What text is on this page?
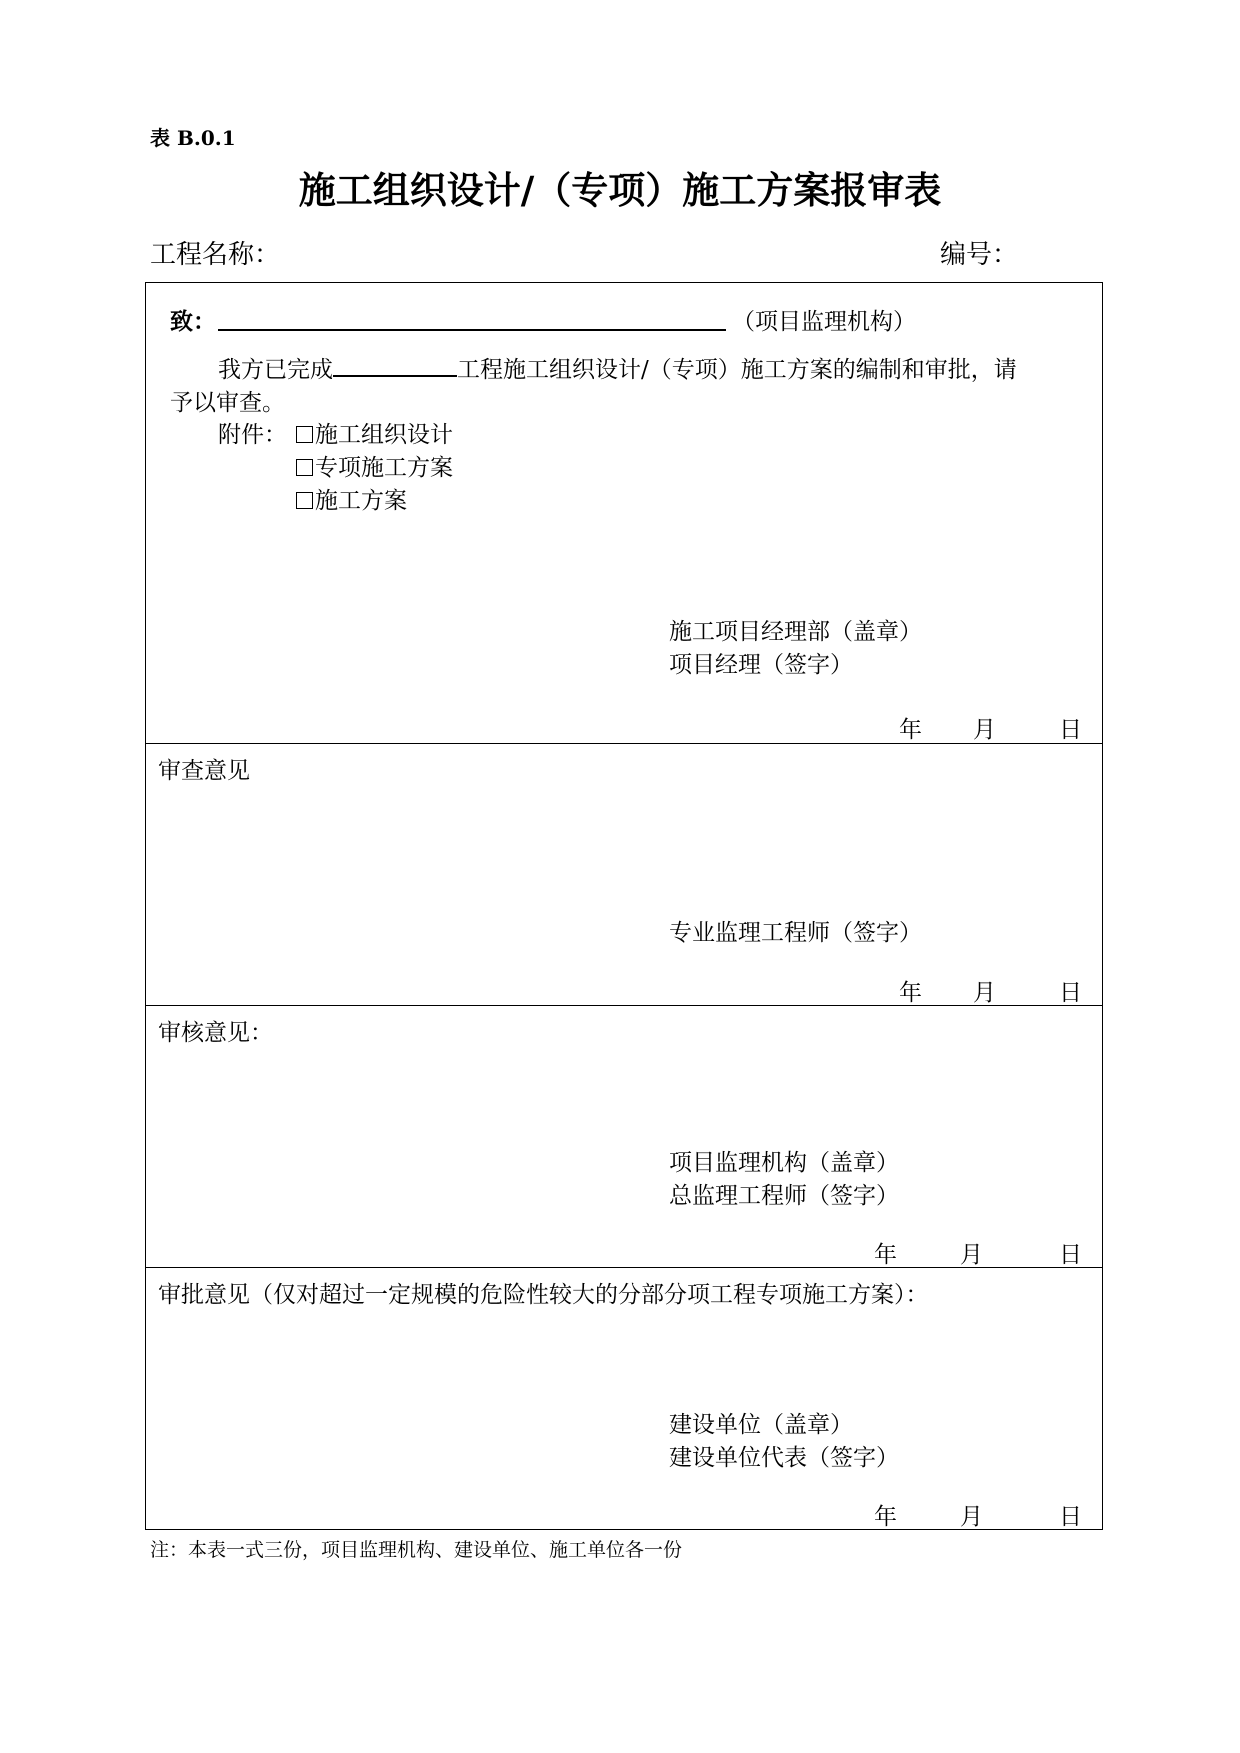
表 B.0.1
施工组织设计/（专项）施工方案报审表
工程名称：	编号：
致：	（项目监理机构）
我方已完成	工程施工组织设计/（专项）施工方案的编制和审批，请
予以审查。
附件：	施工组织设计
专项施工方案
施工方案
施工项目经理部（盖章）
项目经理（签字）
年 月	日
审查意见
专业监理工程师（签字）
年 月	日
审核意见：
项目监理机构（盖章）
总监理工程师（签字）
年	月	日
审批意见（仅对超过一定规模的危险性较大的分部分项工程专项施工方案）：
建设单位（盖章）
建设单位代表（签字）
年	月	日
注：本表一式三份，项目监理机构、建设单位、施工单位各一份
